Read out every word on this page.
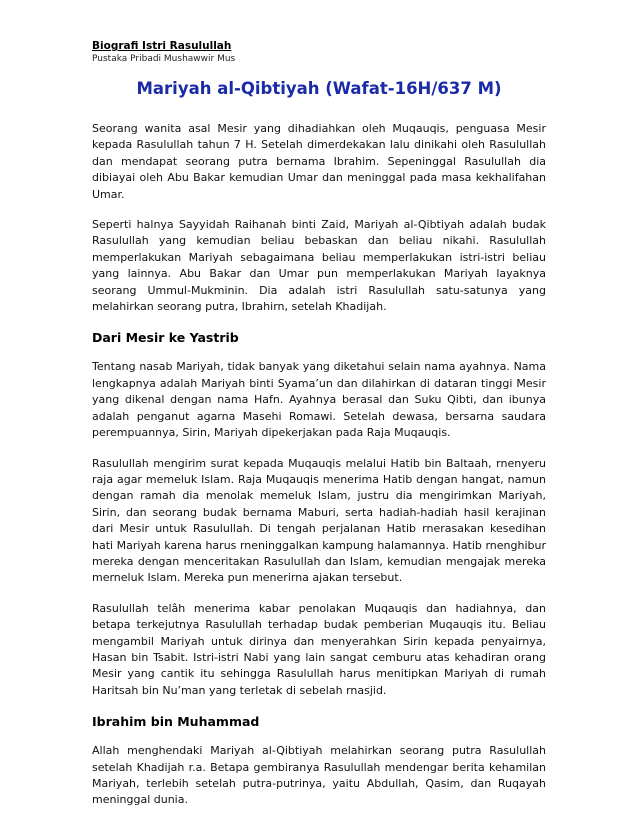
Biografi Istri Rasulullah
Pustaka Pribadi Mushawwir Mus
Mariyah al-Qibtiyah (Wafat-16H/637 M)

Seorang wanita asal Mesir yang dihadiahkan oleh Muqauqis, penguasa Mesir kepada Rasulullah tahun 7 H. Setelah dimerdekakan lalu dinikahi oleh Rasulullah dan mendapat seorang putra bernama Ibrahim. Sepeninggal Rasulullah dia dibiayai oleh Abu Bakar kemudian Umar dan meninggal pada masa kekhalifahan Umar.

Seperti halnya Sayyidah Raihanah binti Zaid, Mariyah al-Qibtiyah adalah budak Rasulullah yang kemudian beliau bebaskan dan beliau nikahi. Rasulullah memperlakukan Mariyah sebagaimana beliau memperlakukan istri-istri beliau yang lainnya. Abu Bakar dan Umar pun memperlakukan Mariyah layaknya seorang Ummul-Mukminin. Dia adalah istri Rasulullah satu-satunya yang melahirkan seorang putra, Ibrahirn, setelah Khadijah.

Dari Mesir ke Yastrib

Tentang nasab Mariyah, tidak banyak yang diketahui selain nama ayahnya. Nama lengkapnya adalah Mariyah binti Syama’un dan dilahirkan di dataran tinggi Mesir yang dikenal dengan nama Hafn. Ayahnya berasal dan Suku Qibti, dan ibunya adalah penganut agarna Masehi Romawi. Setelah dewasa, bersarna saudara perempuannya, Sirin, Mariyah dipekerjakan pada Raja Muqauqis.

Rasulullah mengirim surat kepada Muqauqis melalui Hatib bin Baltaah, rnenyeru raja agar memeluk Islam. Raja Muqauqis menerima Hatib dengan hangat, namun dengan ramah dia menolak memeluk Islam, justru dia mengirimkan Mariyah, Sirin, dan seorang budak bernama Maburi, serta hadiah-hadiah hasil kerajinan dari Mesir untuk Rasulullah. Di tengah perjalanan Hatib rnerasakan kesedihan hati Mariyah karena harus rneninggalkan kampung halamannya. Hatib rnenghibur mereka dengan menceritakan Rasulullah dan Islam, kemudian mengajak mereka merneluk Islam. Mereka pun menerirna ajakan tersebut.

Rasulullah telâh menerima kabar penolakan Muqauqis dan hadiahnya, dan betapa terkejutnya Rasulullah terhadap budak pemberian Muqauqis itu. Beliau mengambil Mariyah untuk dirinya dan menyerahkan Sirin kepada penyairnya, Hasan bin Tsabit. Istri-istri Nabi yang lain sangat cemburu atas kehadiran orang Mesir yang cantik itu sehingga Rasulullah harus menitipkan Mariyah di rumah Haritsah bin Nu’man yang terletak di sebelah rnasjid.

Ibrahim bin Muhammad

Allah menghendaki Mariyah al-Qibtiyah melahirkan seorang putra Rasulullah setelah Khadijah r.a. Betapa gembiranya Rasulullah mendengar berita kehamilan Mariyah, terlebih setelah putra-putrinya, yaitu Abdullah, Qasim, dan Ruqayah meninggal dunia.
